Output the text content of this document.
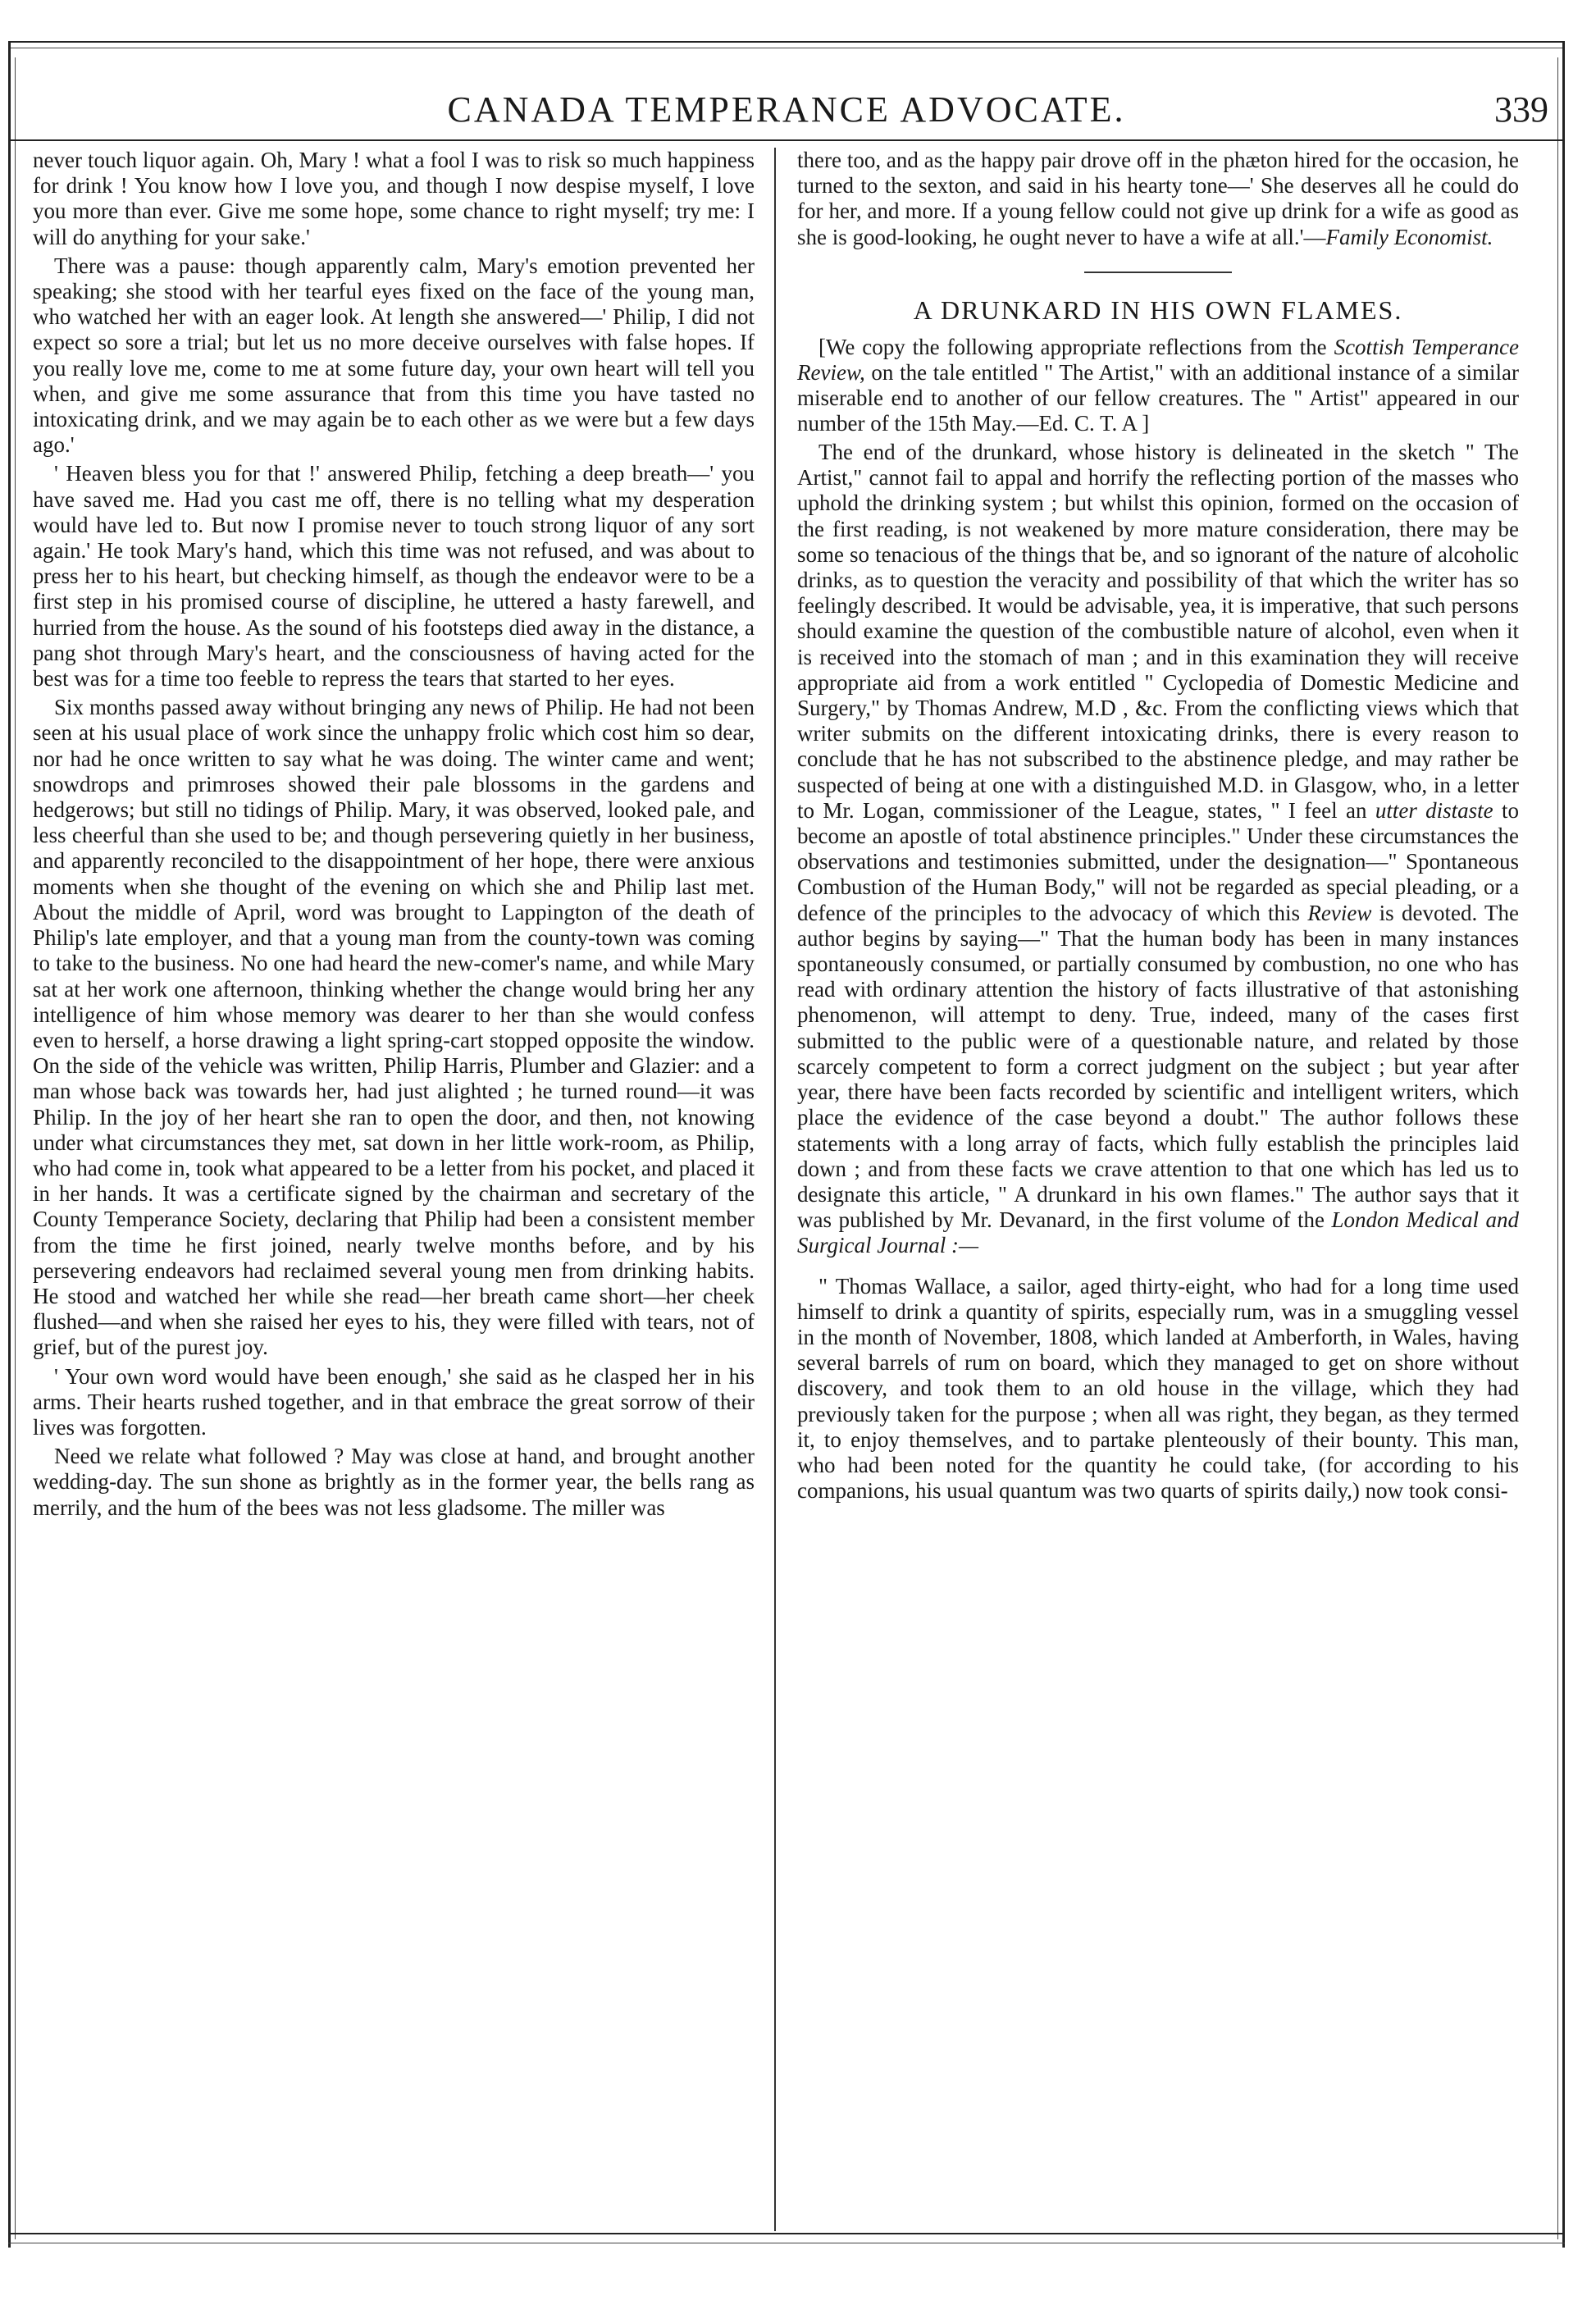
CANADA TEMPERANCE ADVOCATE.	339

never touch liquor again. Oh, Mary ! what a fool I was to risk so much happiness for drink ! You know how I love you, and though I now despise myself, I love you more than ever. Give me some hope, some chance to right myself; try me: I will do anything for your sake.'

There was a pause: though apparently calm, Mary's emotion prevented her speaking; she stood with her tearful eyes fixed on the face of the young man, who watched her with an eager look. At length she answered—' Philip, I did not expect so sore a trial; but let us no more deceive ourselves with false hopes. If you really love me, come to me at some future day, your own heart will tell you when, and give me some assurance that from this time you have tasted no intoxicating drink, and we may again be to each other as we were but a few days ago.'

' Heaven bless you for that !' answered Philip, fetching a deep breath—' you have saved me. Had you cast me off, there is no telling what my desperation would have led to. But now I promise never to touch strong liquor of any sort again.' He took Mary's hand, which this time was not refused, and was about to press her to his heart, but checking himself, as though the endeavor were to be a first step in his promised course of discipline, he uttered a hasty farewell, and hurried from the house. As the sound of his footsteps died away in the distance, a pang shot through Mary's heart, and the consciousness of having acted for the best was for a time too feeble to repress the tears that started to her eyes.

Six months passed away without bringing any news of Philip. He had not been seen at his usual place of work since the unhappy frolic which cost him so dear, nor had he once written to say what he was doing. The winter came and went; snowdrops and primroses showed their pale blossoms in the gardens and hedgerows; but still no tidings of Philip. Mary, it was observed, looked pale, and less cheerful than she used to be; and though persevering quietly in her business, and apparently reconciled to the disappointment of her hope, there were anxious moments when she thought of the evening on which she and Philip last met. About the middle of April, word was brought to Lappington of the death of Philip's late employer, and that a young man from the county-town was coming to take to the business. No one had heard the new-comer's name, and while Mary sat at her work one afternoon, thinking whether the change would bring her any intelligence of him whose memory was dearer to her than she would confess even to herself, a horse drawing a light spring-cart stopped opposite the window. On the side of the vehicle was written, Philip Harris, Plumber and Glazier: and a man whose back was towards her, had just alighted ; he turned round—it was Philip. In the joy of her heart she ran to open the door, and then, not knowing under what circumstances they met, sat down in her little work-room, as Philip, who had come in, took what appeared to be a letter from his pocket, and placed it in her hands. It was a certificate signed by the chairman and secretary of the County Temperance Society, declaring that Philip had been a consistent member from the time he first joined, nearly twelve months before, and by his persevering endeavors had reclaimed several young men from drinking habits. He stood and watched her while she read—her breath came short—her cheek flushed—and when she raised her eyes to his, they were filled with tears, not of grief, but of the purest joy.

' Your own word would have been enough,' she said as he clasped her in his arms. Their hearts rushed together, and in that embrace the great sorrow of their lives was forgotten.

Need we relate what followed ? May was close at hand, and brought another wedding-day. The sun shone as brightly as in the former year, the bells rang as merrily, and the hum of the bees was not less gladsome. The miller was

there too, and as the happy pair drove off in the phæton hired for the occasion, he turned to the sexton, and said in his hearty tone—' She deserves all he could do for her, and more. If a young fellow could not give up drink for a wife as good as she is good-looking, he ought never to have a wife at all.'—Family Economist.

A DRUNKARD IN HIS OWN FLAMES.

[We copy the following appropriate reflections from the Scottish Temperance Review, on the tale entitled " The Artist," with an additional instance of a similar miserable end to another of our fellow creatures. The " Artist" appeared in our number of the 15th May.—Ed. C. T. A ]

The end of the drunkard, whose history is delineated in the sketch " The Artist," cannot fail to appal and horrify the reflecting portion of the masses who uphold the drinking system ; but whilst this opinion, formed on the occasion of the first reading, is not weakened by more mature consideration, there may be some so tenacious of the things that be, and so ignorant of the nature of alcoholic drinks, as to question the veracity and possibility of that which the writer has so feelingly described. It would be advisable, yea, it is imperative, that such persons should examine the question of the combustible nature of alcohol, even when it is received into the stomach of man ; and in this examination they will receive appropriate aid from a work entitled " Cyclopedia of Domestic Medicine and Surgery," by Thomas Andrew, M.D , &c. From the conflicting views which that writer submits on the different intoxicating drinks, there is every reason to conclude that he has not subscribed to the abstinence pledge, and may rather be suspected of being at one with a distinguished M.D. in Glasgow, who, in a letter to Mr. Logan, commissioner of the League, states, " I feel an utter distaste to become an apostle of total abstinence principles." Under these circumstances the observations and testimonies submitted, under the designation—" Spontaneous Combustion of the Human Body," will not be regarded as special pleading, or a defence of the principles to the advocacy of which this Review is devoted. The author begins by saying—" That the human body has been in many instances spontaneously consumed, or partially consumed by combustion, no one who has read with ordinary attention the history of facts illustrative of that astonishing phenomenon, will attempt to deny. True, indeed, many of the cases first submitted to the public were of a questionable nature, and related by those scarcely competent to form a correct judgment on the subject ; but year after year, there have been facts recorded by scientific and intelligent writers, which place the evidence of the case beyond a doubt." The author follows these statements with a long array of facts, which fully establish the principles laid down ; and from these facts we crave attention to that one which has led us to designate this article, " A drunkard in his own flames." The author says that it was published by Mr. Devanard, in the first volume of the London Medical and Surgical Journal :—

" Thomas Wallace, a sailor, aged thirty-eight, who had for a long time used himself to drink a quantity of spirits, especially rum, was in a smuggling vessel in the month of November, 1808, which landed at Amberforth, in Wales, having several barrels of rum on board, which they managed to get on shore without discovery, and took them to an old house in the village, which they had previously taken for the purpose ; when all was right, they began, as they termed it, to enjoy themselves, and to partake plenteously of their bounty. This man, who had been noted for the quantity he could take, (for according to his companions, his usual quantum was two quarts of spirits daily,) now took consi-
